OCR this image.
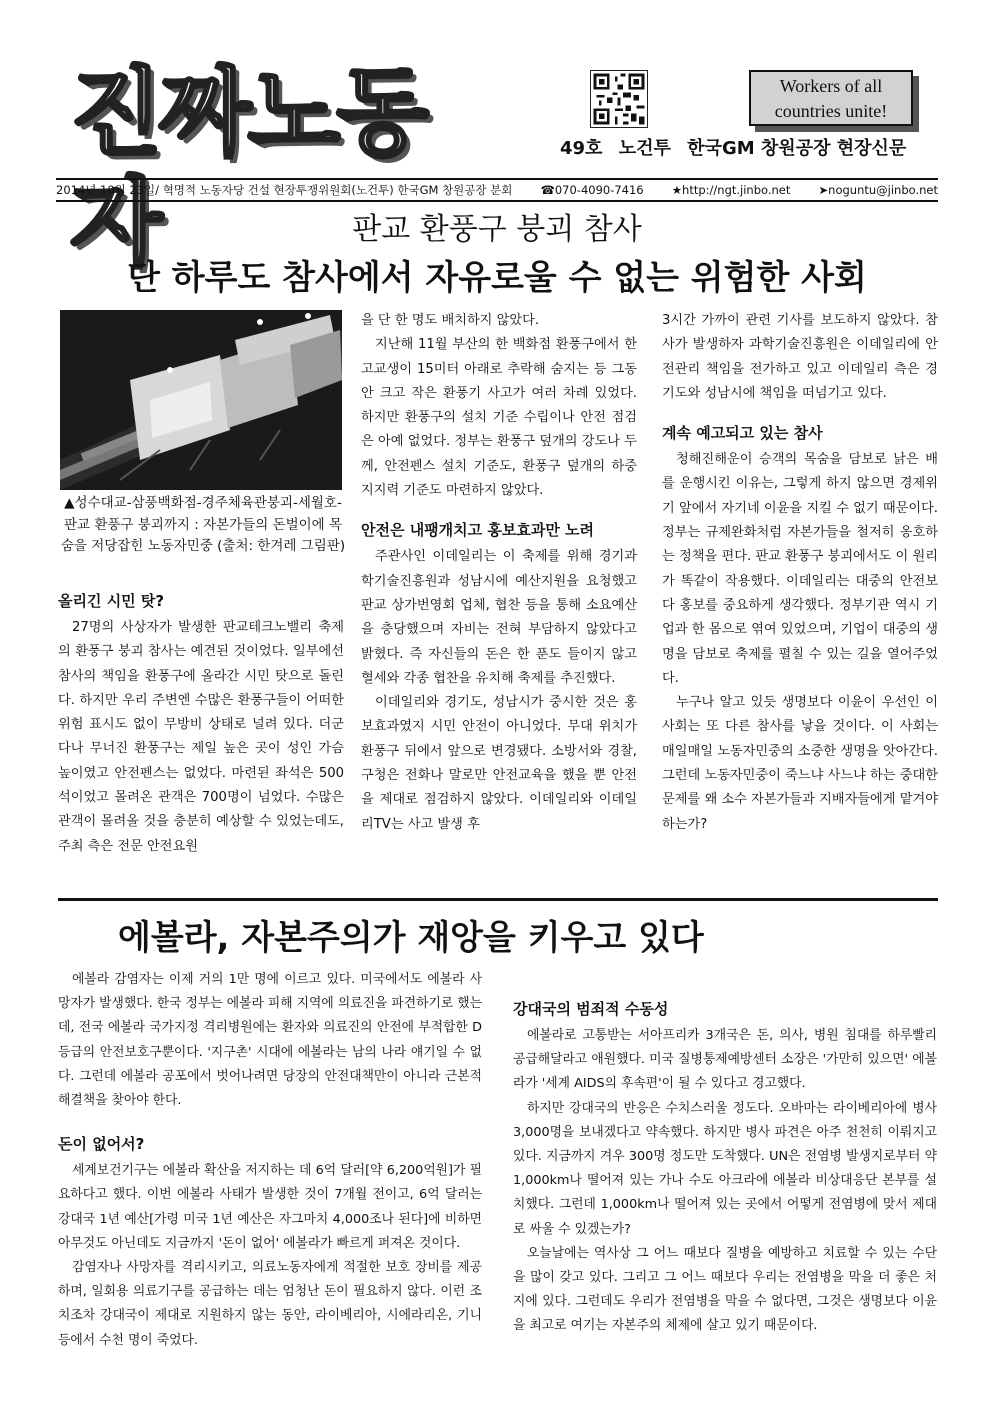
진짜노동자
Workers of all
countries unite!
49호 노건투 한국GM 창원공장 현장신문
2014년 10월 23일/ 혁명적 노동자당 건설 현장투쟁위원회(노건투) 한국GM 창원공장 분회 ☎070-4090-7416 ★http://ngt.jinbo.net ➤noguntu@jinbo.net
판교 환풍구 붕괴 참사
단 하루도 참사에서 자유로울 수 없는 위험한 사회
▲성수대교-삼풍백화점-경주체육관붕괴-세월호-판교 환풍구 붕괴까지 : 자본가들의 돈벌이에 목숨을 저당잡힌 노동자민중 (출처: 한겨레 그림판)
올리긴 시민 탓?

27명의 사상자가 발생한 판교테크노밸리 축제의 환풍구 붕괴 참사는 예견된 것이었다. 일부에선 참사의 책임을 환풍구에 올라간 시민 탓으로 돌린다. 하지만 우리 주변엔 수많은 환풍구들이 어떠한 위험 표시도 없이 무방비 상태로 널려 있다. 더군다나 무너진 환풍구는 제일 높은 곳이 성인 가슴 높이였고 안전펜스는 없었다. 마련된 좌석은 500석이었고 몰려온 관객은 700명이 넘었다. 수많은 관객이 몰려올 것을 충분히 예상할 수 있었는데도, 주최 측은 전문 안전요원

을 단 한 명도 배치하지 않았다.

지난해 11월 부산의 한 백화점 환풍구에서 한 고교생이 15미터 아래로 추락해 숨지는 등 그동안 크고 작은 환풍기 사고가 여러 차례 있었다. 하지만 환풍구의 설치 기준 수립이나 안전 점검은 아예 없었다. 정부는 환풍구 덮개의 강도나 두께, 안전펜스 설치 기준도, 환풍구 덮개의 하중 지지력 기준도 마련하지 않았다.

안전은 내팽개치고 홍보효과만 노려

주관사인 이데일리는 이 축제를 위해 경기과학기술진흥원과 성남시에 예산지원을 요청했고 판교 상가번영회 업체, 협찬 등을 통해 소요예산을 충당했으며 자비는 전혀 부담하지 않았다고 밝혔다. 즉 자신들의 돈은 한 푼도 들이지 않고 혈세와 각종 협찬을 유치해 축제를 추진했다.

이데일리와 경기도, 성남시가 중시한 것은 홍보효과였지 시민 안전이 아니었다. 무대 위치가 환풍구 뒤에서 앞으로 변경됐다. 소방서와 경찰, 구청은 전화나 말로만 안전교육을 했을 뿐 안전을 제대로 점검하지 않았다. 이데일리와 이데일리TV는 사고 발생 후

3시간 가까이 관련 기사를 보도하지 않았다. 참사가 발생하자 과학기술진흥원은 이데일리에 안전관리 책임을 전가하고 있고 이데일리 측은 경기도와 성남시에 책임을 떠넘기고 있다.

계속 예고되고 있는 참사

청해진해운이 승객의 목숨을 담보로 낡은 배를 운행시킨 이유는, 그렇게 하지 않으면 경제위기 앞에서 자기네 이윤을 지킬 수 없기 때문이다. 정부는 규제완화처럼 자본가들을 철저히 옹호하는 정책을 편다. 판교 환풍구 붕괴에서도 이 원리가 똑같이 작용했다. 이데일리는 대중의 안전보다 홍보를 중요하게 생각했다. 정부기관 역시 기업과 한 몸으로 엮여 있었으며, 기업이 대중의 생명을 담보로 축제를 펼칠 수 있는 길을 열어주었다.

누구나 알고 있듯 생명보다 이윤이 우선인 이 사회는 또 다른 참사를 낳을 것이다. 이 사회는 매일매일 노동자민중의 소중한 생명을 앗아간다. 그런데 노동자민중이 죽느냐 사느냐 하는 중대한 문제를 왜 소수 자본가들과 지배자들에게 맡겨야 하는가?

에볼라, 자본주의가 재앙을 키우고 있다

에볼라 감염자는 이제 거의 1만 명에 이르고 있다. 미국에서도 에볼라 사망자가 발생했다. 한국 정부는 에볼라 피해 지역에 의료진을 파견하기로 했는데, 전국 에볼라 국가지정 격리병원에는 환자와 의료진의 안전에 부적합한 D등급의 안전보호구뿐이다. '지구촌' 시대에 에볼라는 남의 나라 얘기일 수 없다. 그런데 에볼라 공포에서 벗어나려면 당장의 안전대책만이 아니라 근본적 해결책을 찾아야 한다.

돈이 없어서?

세계보건기구는 에볼라 확산을 저지하는 데 6억 달러[약 6,200억원]가 필요하다고 했다. 이번 에볼라 사태가 발생한 것이 7개월 전이고, 6억 달러는 강대국 1년 예산[가령 미국 1년 예산은 자그마치 4,000조나 된다]에 비하면 아무것도 아닌데도 지금까지 '돈이 없어' 에볼라가 빠르게 퍼져온 것이다.

감염자나 사망자를 격리시키고, 의료노동자에게 적절한 보호 장비를 제공하며, 일회용 의료기구를 공급하는 데는 엄청난 돈이 필요하지 않다. 이런 조치조차 강대국이 제대로 지원하지 않는 동안, 라이베리아, 시에라리온, 기니 등에서 수천 명이 죽었다.

강대국의 범죄적 수동성

에볼라로 고통받는 서아프리카 3개국은 돈, 의사, 병원 침대를 하루빨리 공급해달라고 애원했다. 미국 질병통제예방센터 소장은 '가만히 있으면' 에볼라가 '세계 AIDS의 후속편'이 될 수 있다고 경고했다.

하지만 강대국의 반응은 수치스러울 정도다. 오바마는 라이베리아에 병사 3,000명을 보내겠다고 약속했다. 하지만 병사 파견은 아주 천천히 이뤄지고 있다. 지금까지 겨우 300명 정도만 도착했다. UN은 전염병 발생지로부터 약 1,000km나 떨어져 있는 가나 수도 아크라에 에볼라 비상대응단 본부를 설치했다. 그런데 1,000km나 떨어져 있는 곳에서 어떻게 전염병에 맞서 제대로 싸울 수 있겠는가?

오늘날에는 역사상 그 어느 때보다 질병을 예방하고 치료할 수 있는 수단을 많이 갖고 있다. 그리고 그 어느 때보다 우리는 전염병을 막을 더 좋은 처지에 있다. 그런데도 우리가 전염병을 막을 수 없다면, 그것은 생명보다 이윤을 최고로 여기는 자본주의 체제에 살고 있기 때문이다.
